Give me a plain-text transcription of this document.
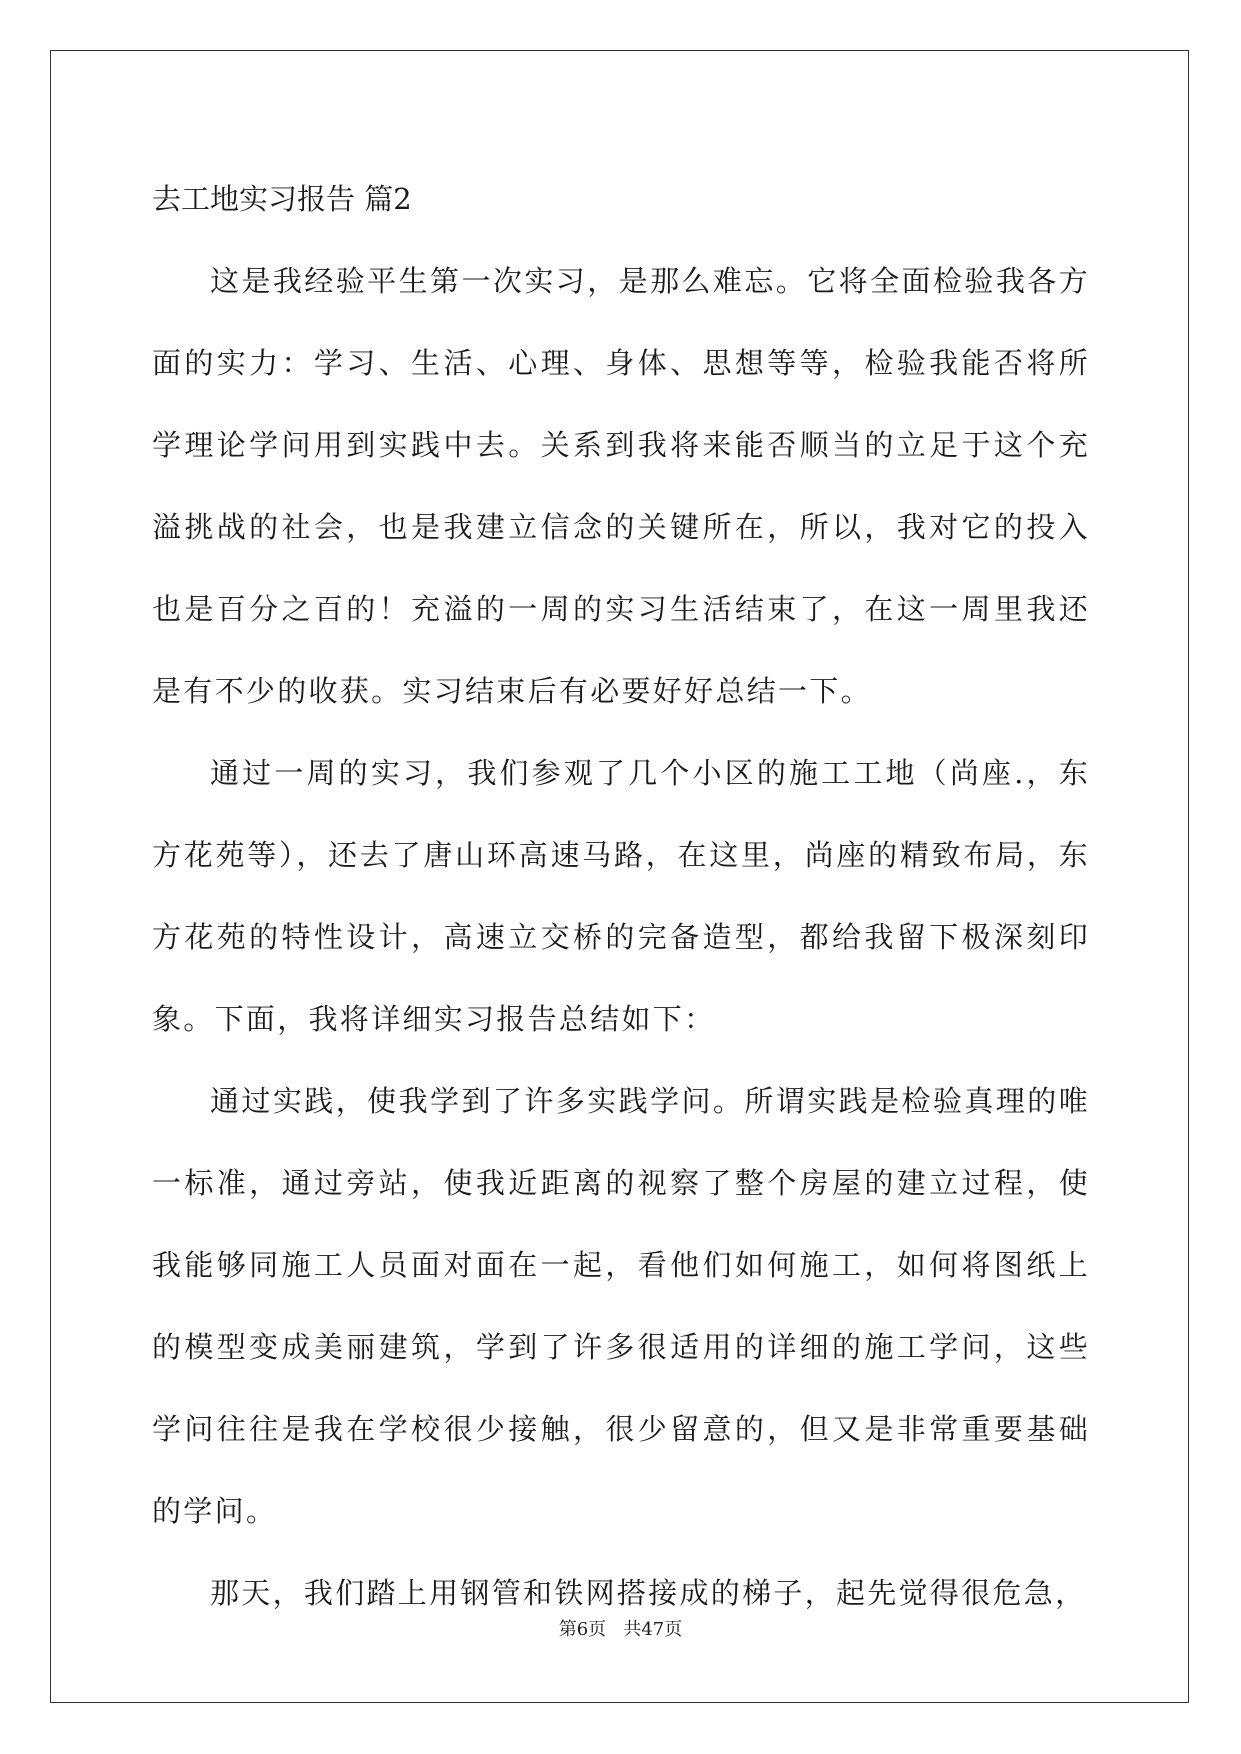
去工地实习报告 篇2

这是我经验平生第一次实习，是那么难忘。它将全面检验我各方面的实力：学习、生活、心理、身体、思想等等，检验我能否将所学理论学问用到实践中去。关系到我将来能否顺当的立足于这个充溢挑战的社会，也是我建立信念的关键所在，所以，我对它的投入也是百分之百的！充溢的一周的实习生活结束了，在这一周里我还是有不少的收获。实习结束后有必要好好总结一下。

通过一周的实习，我们参观了几个小区的施工工地（尚座.，东方花苑等），还去了唐山环高速马路，在这里，尚座的精致布局，东方花苑的特性设计，高速立交桥的完备造型，都给我留下极深刻印象。下面，我将详细实习报告总结如下：

通过实践，使我学到了许多实践学问。所谓实践是检验真理的唯一标准，通过旁站，使我近距离的视察了整个房屋的建立过程，使我能够同施工人员面对面在一起，看他们如何施工，如何将图纸上的模型变成美丽建筑，学到了许多很适用的详细的施工学问，这些学问往往是我在学校很少接触，很少留意的，但又是非常重要基础的学问。

那天，我们踏上用钢管和铁网搭接成的梯子，起先觉得很危急，

第6页   共47页
